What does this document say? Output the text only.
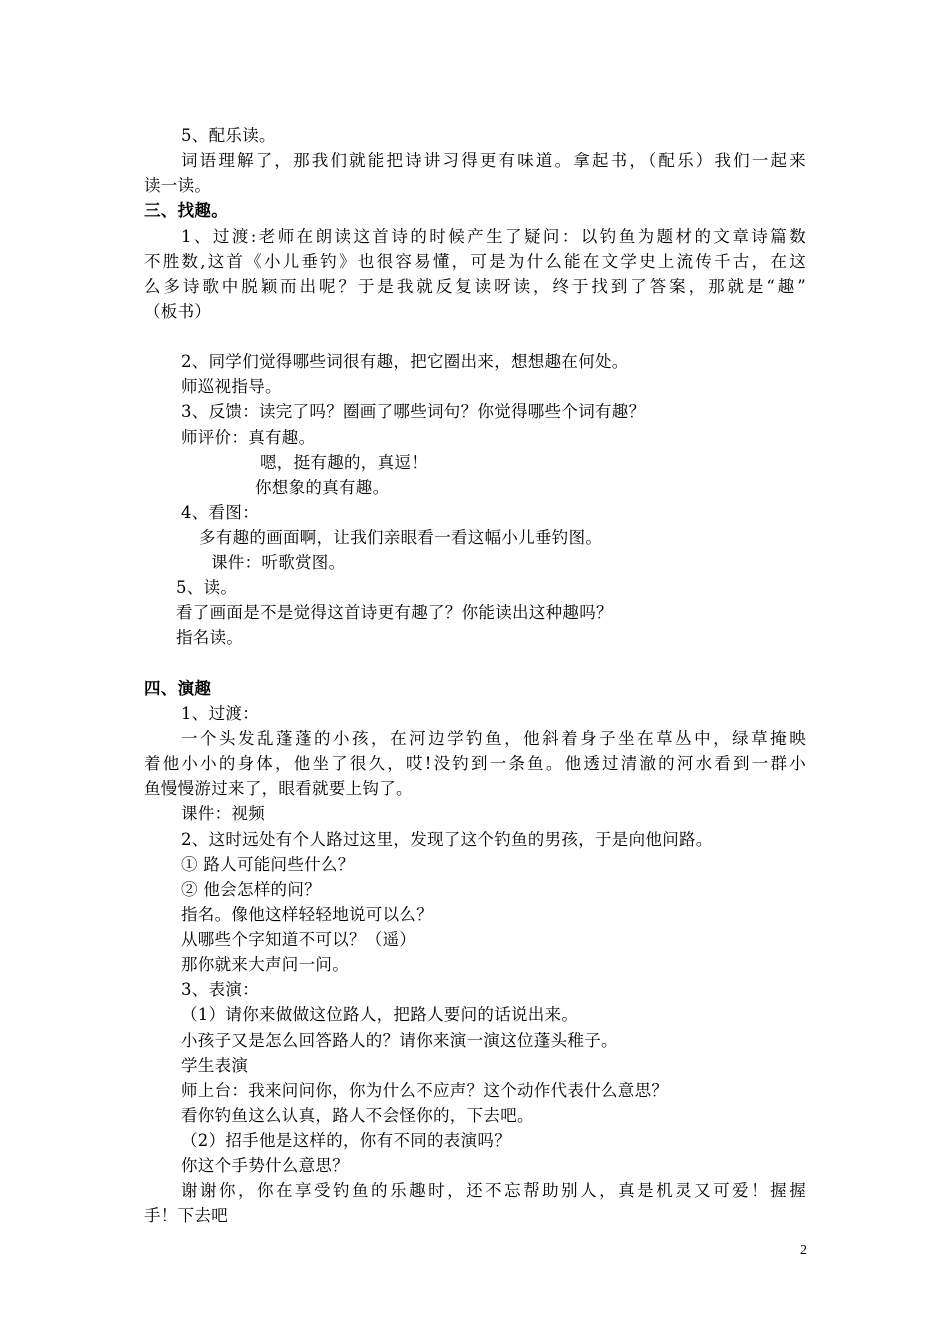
5、配乐读。
词语理解了，那我们就能把诗讲习得更有味道。拿起书，（配乐）我们一起来
读一读。
三、找趣。
1、过渡:老师在朗读这首诗的时候产生了疑问：以钓鱼为题材的文章诗篇数
不胜数,这首《小儿垂钓》也很容易懂，可是为什么能在文学史上流传千古，在这
么多诗歌中脱颖而出呢？于是我就反复读呀读，终于找到了答案，那就是“趣”
（板书）
2、同学们觉得哪些词很有趣，把它圈出来，想想趣在何处。
师巡视指导。
3、反馈：读完了吗？圈画了哪些词句？你觉得哪些个词有趣？
师评价：真有趣。
嗯，挺有趣的，真逗！
你想象的真有趣。
4、看图：
多有趣的画面啊，让我们亲眼看一看这幅小儿垂钓图。
课件：听歌赏图。
5、读。
看了画面是不是觉得这首诗更有趣了？你能读出这种趣吗？
指名读。
四、演趣
1、过渡：
一个头发乱蓬蓬的小孩，在河边学钓鱼，他斜着身子坐在草丛中，绿草掩映
着他小小的身体，他坐了很久，哎!没钓到一条鱼。他透过清澈的河水看到一群小
鱼慢慢游过来了，眼看就要上钩了。
课件：视频
2、这时远处有个人路过这里，发现了这个钓鱼的男孩，于是向他问路。
① 路人可能问些什么？
② 他会怎样的问？
指名。像他这样轻轻地说可以么？
从哪些个字知道不可以？（遥）
那你就来大声问一问。
3、表演：
（1）请你来做做这位路人，把路人要问的话说出来。
小孩子又是怎么回答路人的？请你来演一演这位蓬头稚子。
学生表演
师上台：我来问问你，你为什么不应声？这个动作代表什么意思？
看你钓鱼这么认真，路人不会怪你的，下去吧。
（2）招手他是这样的，你有不同的表演吗？
你这个手势什么意思？
谢谢你，你在享受钓鱼的乐趣时，还不忘帮助别人，真是机灵又可爱！握握
手！下去吧
2
